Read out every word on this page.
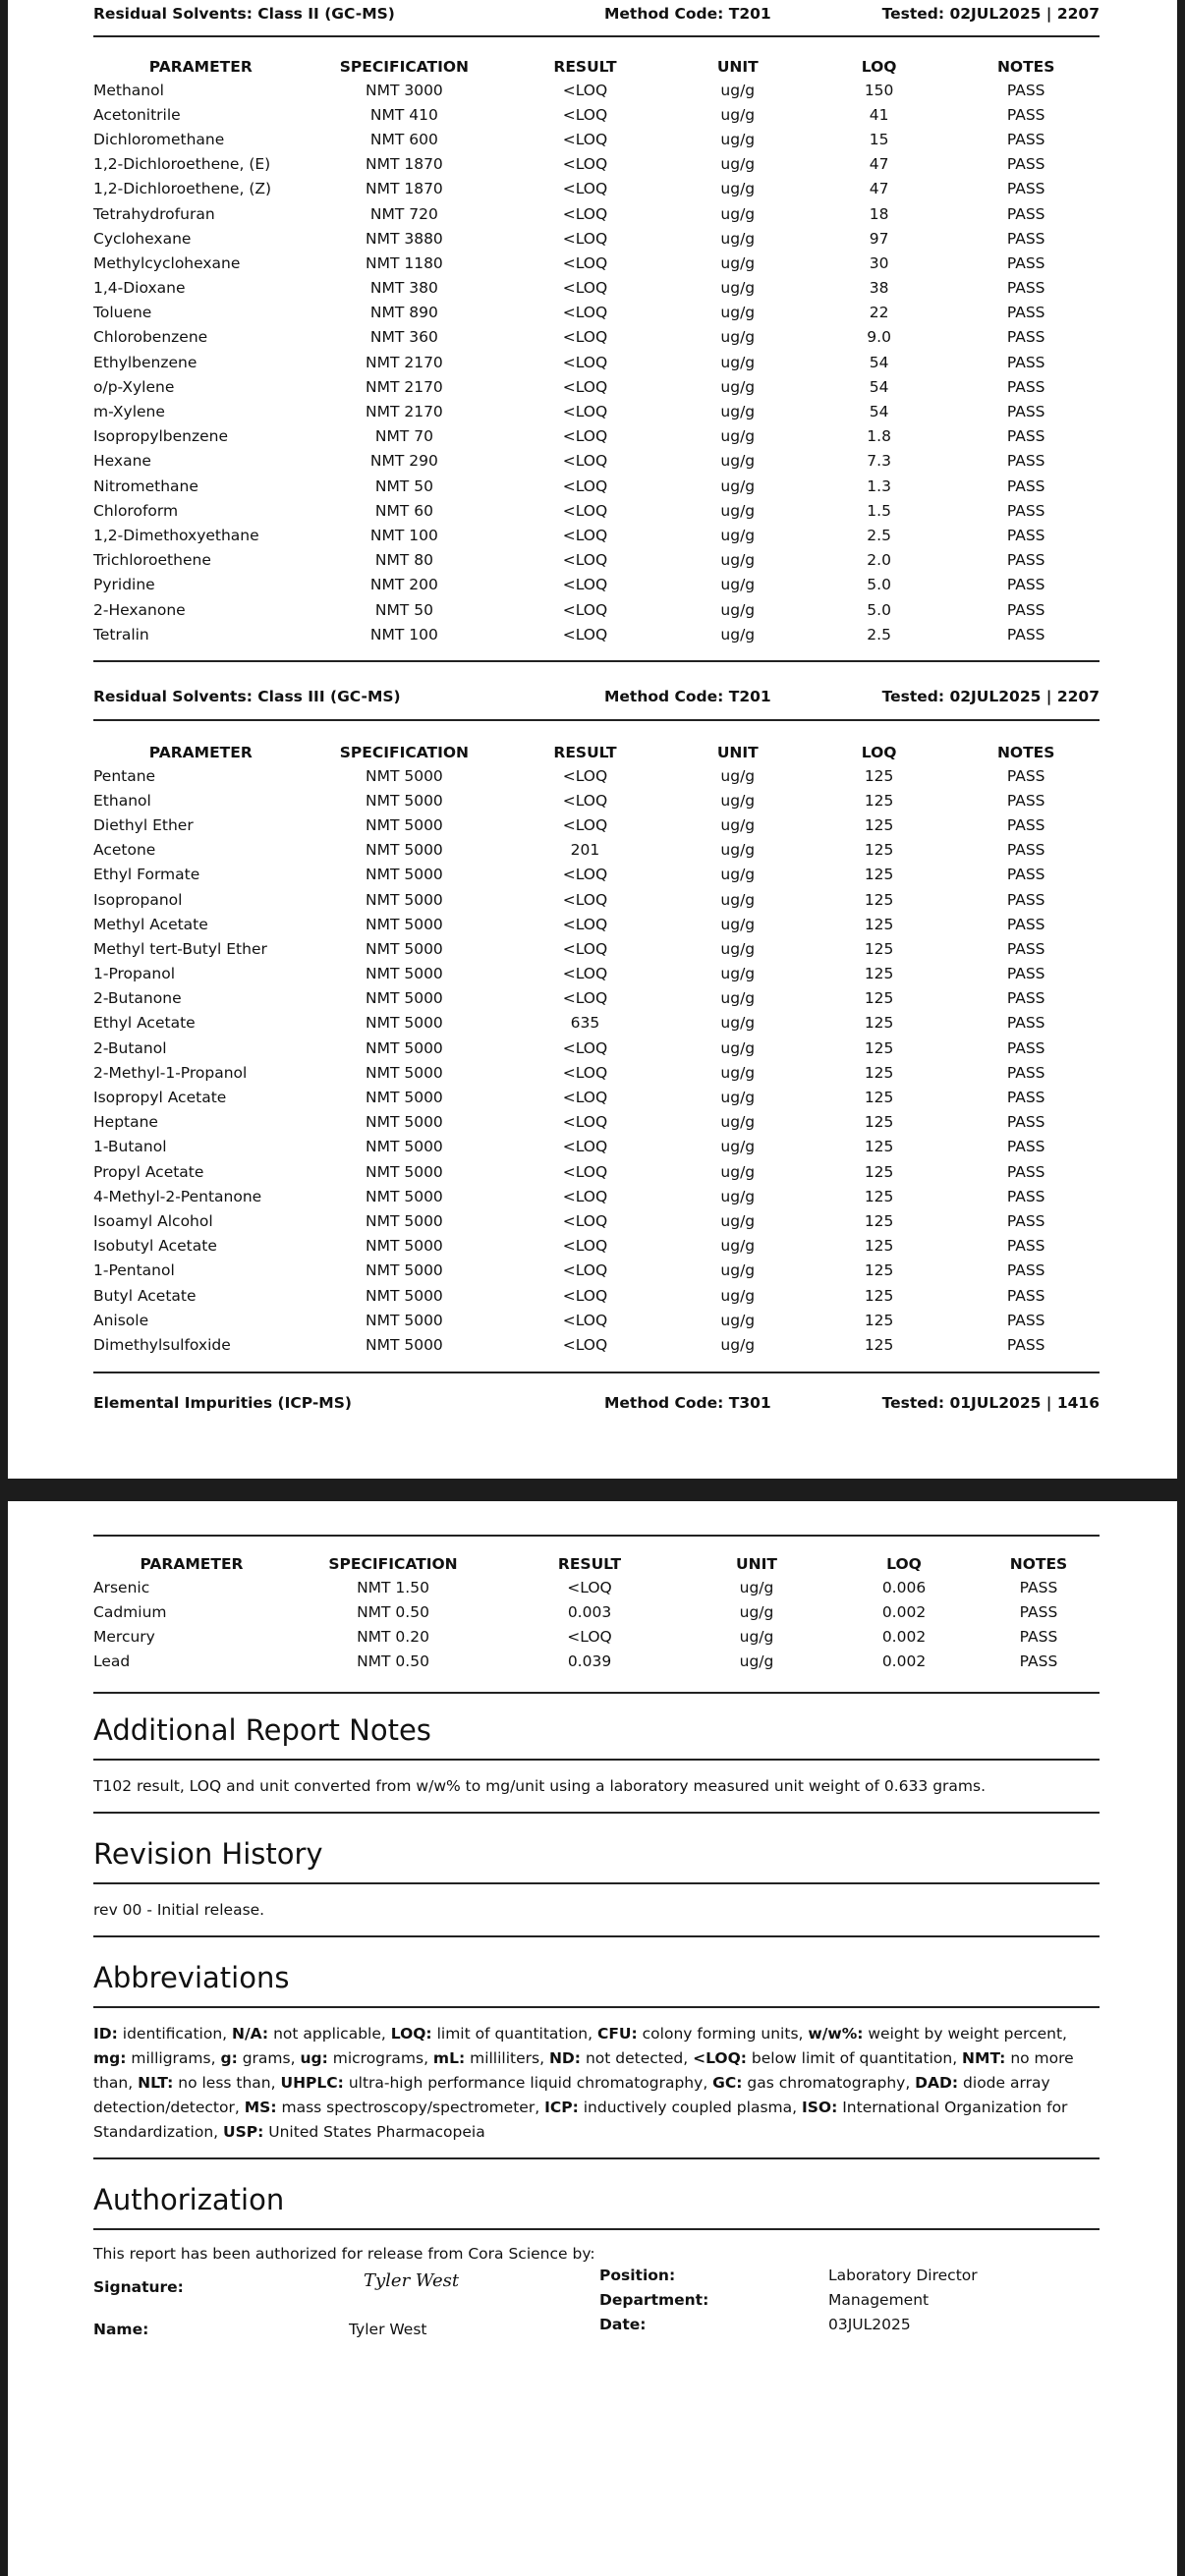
Residual Solvents: Class II (GC-MS)	Method Code: T201	Tested: 02JUL2025 | 2207
PARAMETER	SPECIFICATION	RESULT	UNIT	LOQ	NOTES
Methanol	NMT 3000	<LOQ	ug/g	150	PASS
Acetonitrile	NMT 410	<LOQ	ug/g	41	PASS
Dichloromethane	NMT 600	<LOQ	ug/g	15	PASS
1,2-Dichloroethene, (E)	NMT 1870	<LOQ	ug/g	47	PASS
1,2-Dichloroethene, (Z)	NMT 1870	<LOQ	ug/g	47	PASS
Tetrahydrofuran	NMT 720	<LOQ	ug/g	18	PASS
Cyclohexane	NMT 3880	<LOQ	ug/g	97	PASS
Methylcyclohexane	NMT 1180	<LOQ	ug/g	30	PASS
1,4-Dioxane	NMT 380	<LOQ	ug/g	38	PASS
Toluene	NMT 890	<LOQ	ug/g	22	PASS
Chlorobenzene	NMT 360	<LOQ	ug/g	9.0	PASS
Ethylbenzene	NMT 2170	<LOQ	ug/g	54	PASS
o/p-Xylene	NMT 2170	<LOQ	ug/g	54	PASS
m-Xylene	NMT 2170	<LOQ	ug/g	54	PASS
Isopropylbenzene	NMT 70	<LOQ	ug/g	1.8	PASS
Hexane	NMT 290	<LOQ	ug/g	7.3	PASS
Nitromethane	NMT 50	<LOQ	ug/g	1.3	PASS
Chloroform	NMT 60	<LOQ	ug/g	1.5	PASS
1,2-Dimethoxyethane	NMT 100	<LOQ	ug/g	2.5	PASS
Trichloroethene	NMT 80	<LOQ	ug/g	2.0	PASS
Pyridine	NMT 200	<LOQ	ug/g	5.0	PASS
2-Hexanone	NMT 50	<LOQ	ug/g	5.0	PASS
Tetralin	NMT 100	<LOQ	ug/g	2.5	PASS
Residual Solvents: Class III (GC-MS)	Method Code: T201	Tested: 02JUL2025 | 2207
PARAMETER	SPECIFICATION	RESULT	UNIT	LOQ	NOTES
Pentane	NMT 5000	<LOQ	ug/g	125	PASS
Ethanol	NMT 5000	<LOQ	ug/g	125	PASS
Diethyl Ether	NMT 5000	<LOQ	ug/g	125	PASS
Acetone	NMT 5000	201	ug/g	125	PASS
Ethyl Formate	NMT 5000	<LOQ	ug/g	125	PASS
Isopropanol	NMT 5000	<LOQ	ug/g	125	PASS
Methyl Acetate	NMT 5000	<LOQ	ug/g	125	PASS
Methyl tert-Butyl Ether	NMT 5000	<LOQ	ug/g	125	PASS
1-Propanol	NMT 5000	<LOQ	ug/g	125	PASS
2-Butanone	NMT 5000	<LOQ	ug/g	125	PASS
Ethyl Acetate	NMT 5000	635	ug/g	125	PASS
2-Butanol	NMT 5000	<LOQ	ug/g	125	PASS
2-Methyl-1-Propanol	NMT 5000	<LOQ	ug/g	125	PASS
Isopropyl Acetate	NMT 5000	<LOQ	ug/g	125	PASS
Heptane	NMT 5000	<LOQ	ug/g	125	PASS
1-Butanol	NMT 5000	<LOQ	ug/g	125	PASS
Propyl Acetate	NMT 5000	<LOQ	ug/g	125	PASS
4-Methyl-2-Pentanone	NMT 5000	<LOQ	ug/g	125	PASS
Isoamyl Alcohol	NMT 5000	<LOQ	ug/g	125	PASS
Isobutyl Acetate	NMT 5000	<LOQ	ug/g	125	PASS
1-Pentanol	NMT 5000	<LOQ	ug/g	125	PASS
Butyl Acetate	NMT 5000	<LOQ	ug/g	125	PASS
Anisole	NMT 5000	<LOQ	ug/g	125	PASS
Dimethylsulfoxide	NMT 5000	<LOQ	ug/g	125	PASS
Elemental Impurities (ICP-MS)	Method Code: T301	Tested: 01JUL2025 | 1416
PARAMETER	SPECIFICATION	RESULT	UNIT	LOQ	NOTES
Arsenic	NMT 1.50	<LOQ	ug/g	0.006	PASS
Cadmium	NMT 0.50	0.003	ug/g	0.002	PASS
Mercury	NMT 0.20	<LOQ	ug/g	0.002	PASS
Lead	NMT 0.50	0.039	ug/g	0.002	PASS
Additional Report Notes
T102 result, LOQ and unit converted from w/w% to mg/unit using a laboratory measured unit weight of 0.633 grams.
Revision History
rev 00 - Initial release.
Abbreviations
ID: identification, N/A: not applicable, LOQ: limit of quantitation, CFU: colony forming units, w/w%: weight by weight percent, mg: milligrams, g: grams, ug: micrograms, mL: milliliters, ND: not detected, <LOQ: below limit of quantitation, NMT: no more than, NLT: no less than, UHPLC: ultra-high performance liquid chromatography, GC: gas chromatography, DAD: diode array detection/detector, MS: mass spectroscopy/spectrometer, ICP: inductively coupled plasma, ISO: International Organization for Standardization, USP: United States Pharmacopeia
Authorization
This report has been authorized for release from Cora Science by:
Signature:	Tyler West
Name:	Tyler West
Position:	Laboratory Director
Department:	Management
Date:	03JUL2025
